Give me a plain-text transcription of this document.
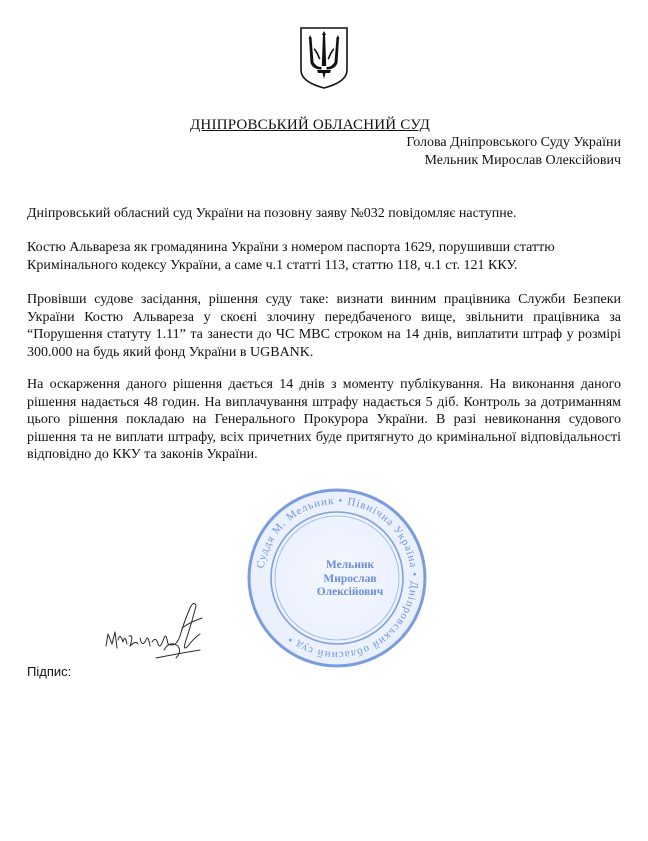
ДНІПРОВСЬКИЙ ОБЛАСНИЙ СУД
Голова Дніпровського Суду України
Мельник Мирослав Олексійович

Дніпровський обласний суд України на позовну заяву №032 повідомляє наступне.

Костю Альвареза як громадянина України з номером паспорта 1629, порушивши статтю Кримінального кодексу України, а саме ч.1 статті 113, статтю 118, ч.1 ст. 121 ККУ.

Провівши судове засідання, рішення суду таке: визнати винним працівника Служби Безпеки України Костю Альвареза у скоєні злочину передбаченого вище, звільнити працівника за “Порушення статуту 1.11” та занести до ЧС МВС строком на 14 днів, виплатити штраф у розмірі 300.000 на будь який фонд України в UGBANK.

На оскарження даного рішення дається 14 днів з моменту публікування. На виконання даного рішення надається 48 годин. На виплачування штрафу надається 5 діб. Контроль за дотриманням цього рішення покладаю на Генерального Прокурора України. В разі невиконання судового рішення та не виплати штрафу, всіх причетних буде притягнуто до кримінальної відповідальності відповідно до ККУ та законів України.

Суддя М. Мельник • Північна Україна • Дніпровський обласний суд •
Мельник
Мирослав
Олексійович
Підпис:
